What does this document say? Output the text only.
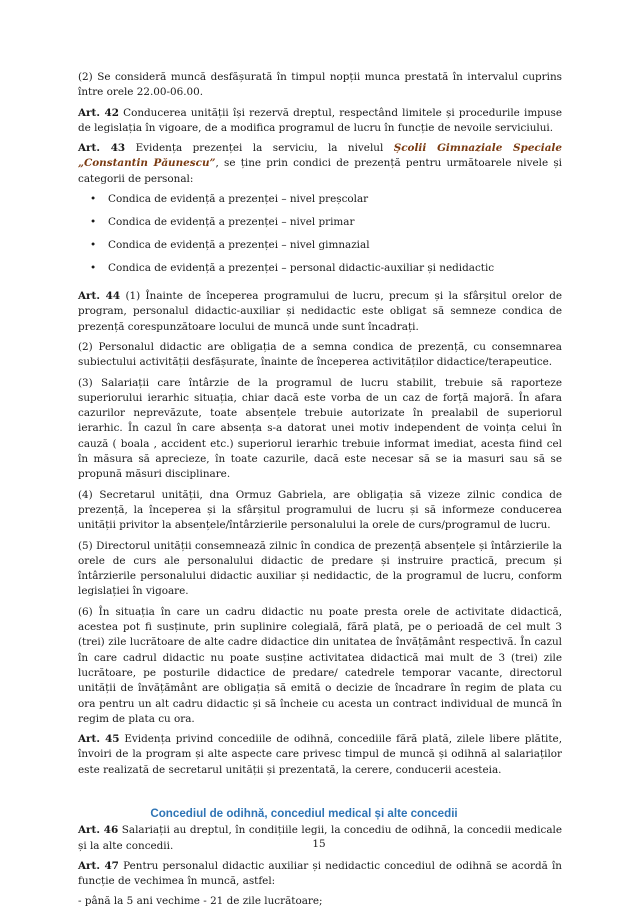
(2) Se consideră muncă desfășurată în timpul nopții munca prestată în intervalul cuprins între orele 22.00-06.00.

Art. 42 Conducerea unității își rezervă dreptul, respectând limitele și procedurile impuse de legislația în vigoare, de a modifica programul de lucru în funcție de nevoile serviciului.

Art. 43 Evidența prezenței la serviciu, la nivelul Școlii Gimnaziale Speciale „Constantin Păunescu”, se ține prin condici de prezență pentru următoarele nivele și categorii de personal:

• Condica de evidență a prezenței – nivel preșcolar
• Condica de evidență a prezenței – nivel primar
• Condica de evidență a prezenței – nivel gimnazial
• Condica de evidență a prezenței – personal didactic-auxiliar și nedidactic

Art. 44 (1) Înainte de începerea programului de lucru, precum și la sfârșitul orelor de program, personalul didactic-auxiliar și nedidactic este obligat să semneze condica de prezență corespunzătoare locului de muncă unde sunt încadrați.

(2) Personalul didactic are obligația de a semna condica de prezență, cu consemnarea subiectului activității desfășurate, înainte de începerea activităților didactice/terapeutice.

(3) Salariații care întârzie de la programul de lucru stabilit, trebuie să raporteze superiorului ierarhic situația, chiar dacă este vorba de un caz de forță majoră. În afara cazurilor neprevăzute, toate absențele trebuie autorizate în prealabil de superiorul ierarhic. În cazul în care absența s-a datorat unei motiv independent de voința celui în cauză ( boala , accident etc.) superiorul ierarhic trebuie informat imediat, acesta fiind cel în măsura să aprecieze, în toate cazurile, dacă este necesar să se ia masuri sau să se propună măsuri disciplinare.

(4) Secretarul unității, dna Ormuz Gabriela, are obligația să vizeze zilnic condica de prezență, la începerea și la sfârșitul programului de lucru și să informeze conducerea unității privitor la absențele/întârzierile personalului la orele de curs/programul de lucru.

(5) Directorul unității consemnează zilnic în condica de prezență absențele și întârzierile la orele de curs ale personalului didactic de predare și instruire practică, precum și întârzierile personalului didactic auxiliar și nedidactic, de la programul de lucru, conform legislației în vigoare.

(6) În situația în care un cadru didactic nu poate presta orele de activitate didactică, acestea pot fi susținute, prin suplinire colegială, fără plată, pe o perioadă de cel mult 3 (trei) zile lucrătoare de alte cadre didactice din unitatea de învățământ respectivă. În cazul în care cadrul didactic nu poate susține activitatea didactică mai mult de 3 (trei) zile lucrătoare, pe posturile didactice de predare/ catedrele temporar vacante, directorul unității de învățământ are obligația să emită o decizie de încadrare în regim de plata cu ora pentru un alt cadru didactic și să încheie cu acesta un contract individual de muncă în regim de plata cu ora.

Art. 45 Evidența privind concediile de odihnă, concediile fără plată, zilele libere plătite, învoiri de la program și alte aspecte care privesc timpul de muncă și odihnă al salariaților este realizată de secretarul unității și prezentată, la cerere, conducerii acesteia.

Concediul de odihnă, concediul medical și alte concedii

Art. 46 Salariații au dreptul, în condițiile legii, la concediu de odihnă, la concedii medicale și la alte concedii.

Art. 47 Pentru personalul didactic auxiliar și nedidactic concediul de odihnă se acordă în funcție de vechimea în muncă, astfel:

- până la 5 ani vechime - 21 de zile lucrătoare;

15
